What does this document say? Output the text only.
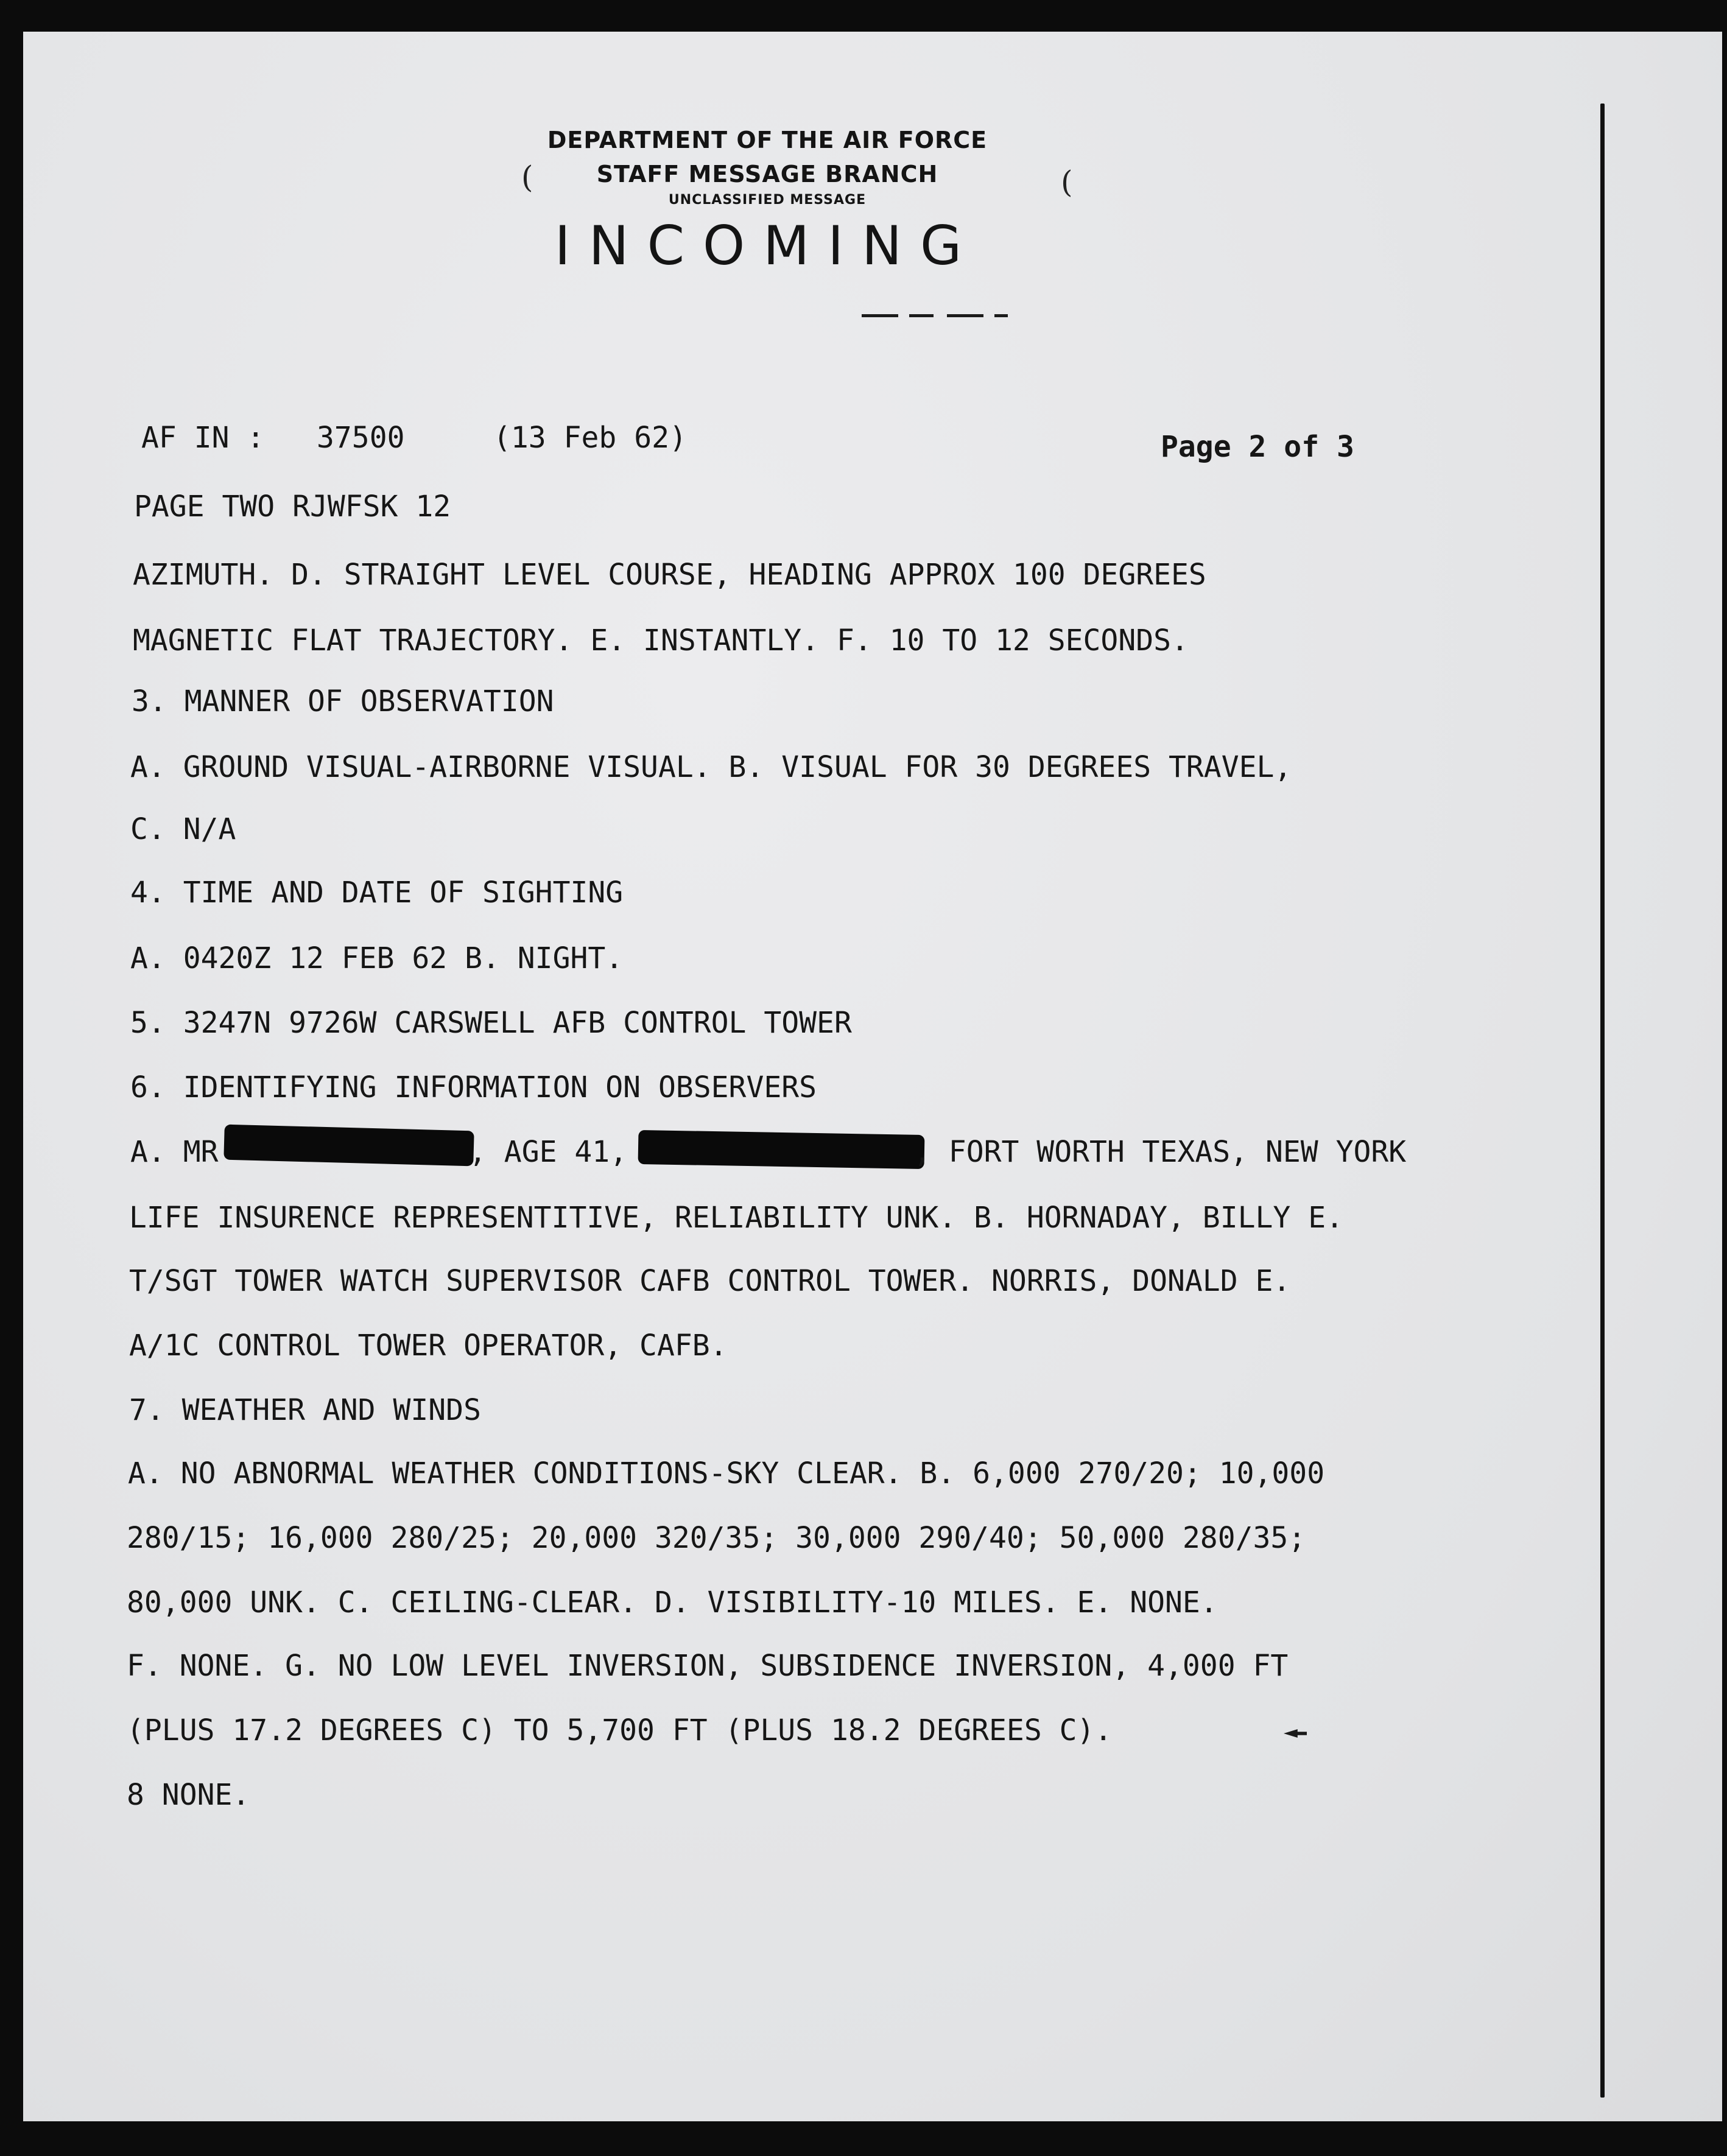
DEPARTMENT OF THE AIR FORCE
STAFF MESSAGE BRANCH
UNCLASSIFIED MESSAGE
INCOMING
(	(
AF IN : 37500	(13 Feb 62)	Page 2 of 3
PAGE TWO RJWFSK 12
AZIMUTH. D. STRAIGHT LEVEL COURSE, HEADING APPROX 100 DEGREES
MAGNETIC FLAT TRAJECTORY. E. INSTANTLY. F. 10 TO 12 SECONDS.
3. MANNER OF OBSERVATION
A. GROUND VISUAL-AIRBORNE VISUAL. B. VISUAL FOR 30 DEGREES TRAVEL,
C. N/A
4. TIME AND DATE OF SIGHTING
A. 0420Z 12 FEB 62 B. NIGHT.
5. 3247N 9726W CARSWELL AFB CONTROL TOWER
6. IDENTIFYING INFORMATION ON OBSERVERS
A. MR	, AGE 41,	, FORT WORTH TEXAS, NEW YORK
LIFE INSURENCE REPRESENTITIVE, RELIABILITY UNK. B. HORNADAY, BILLY E.
T/SGT TOWER WATCH SUPERVISOR CAFB CONTROL TOWER. NORRIS, DONALD E.
A/1C CONTROL TOWER OPERATOR, CAFB.
7. WEATHER AND WINDS
A. NO ABNORMAL WEATHER CONDITIONS-SKY CLEAR. B. 6,000 270/20; 10,000
280/15; 16,000 280/25; 20,000 320/35; 30,000 290/40; 50,000 280/35;
80,000 UNK. C. CEILING-CLEAR. D. VISIBILITY-10 MILES. E. NONE.
F. NONE. G. NO LOW LEVEL INVERSION, SUBSIDENCE INVERSION, 4,000 FT
(PLUS 17.2 DEGREES C) TO 5,700 FT (PLUS 18.2 DEGREES C).
8 NONE.
